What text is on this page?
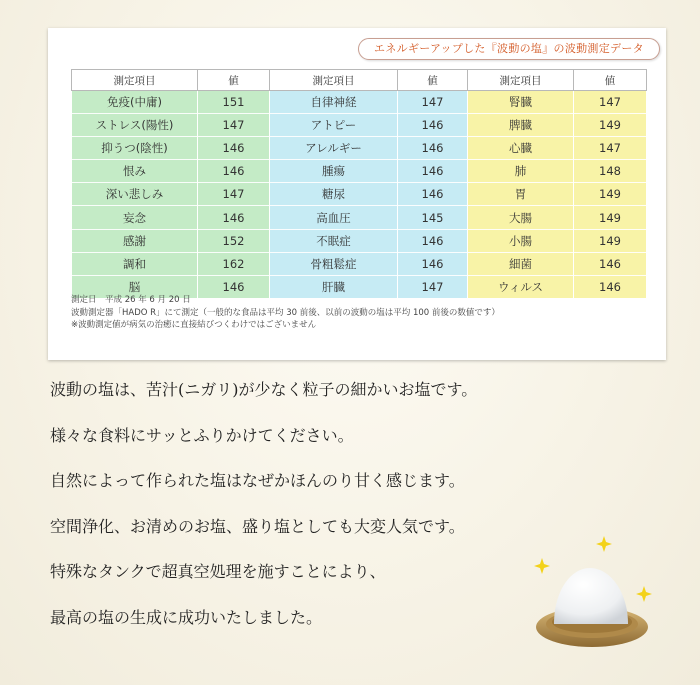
エネルギーアップした『波動の塩』の波動測定データ
測定項目	値	測定項目	値	測定項目	値
免疫(中庸)	151	自律神経	147	腎臓	147
ストレス(陽性)	147	アトピー	146	脾臓	149
抑うつ(陰性)	146	アレルギー	146	心臓	147
恨み	146	腫瘍	146	肺	148
深い悲しみ	147	糖尿	146	胃	149
妄念	146	高血圧	145	大腸	149
感謝	152	不眠症	146	小腸	149
調和	162	骨粗鬆症	146	細菌	146
脳	146	肝臓	147	ウィルス	146
測定日　平成 26 年 6 月 20 日
波動測定器「HADO R」にて測定（一般的な食品は平均 30 前後、以前の波動の塩は平均 100 前後の数値です）
※波動測定値が病気の治癒に直接結びつくわけではございません

波動の塩は、苦汁(ニガリ)が少なく粒子の細かいお塩です。

様々な食料にサッとふりかけてください。

自然によって作られた塩はなぜかほんのり甘く感じます。

空間浄化、お清めのお塩、盛り塩としても大変人気です。

特殊なタンクで超真空処理を施すことにより、

最高の塩の生成に成功いたしました。
